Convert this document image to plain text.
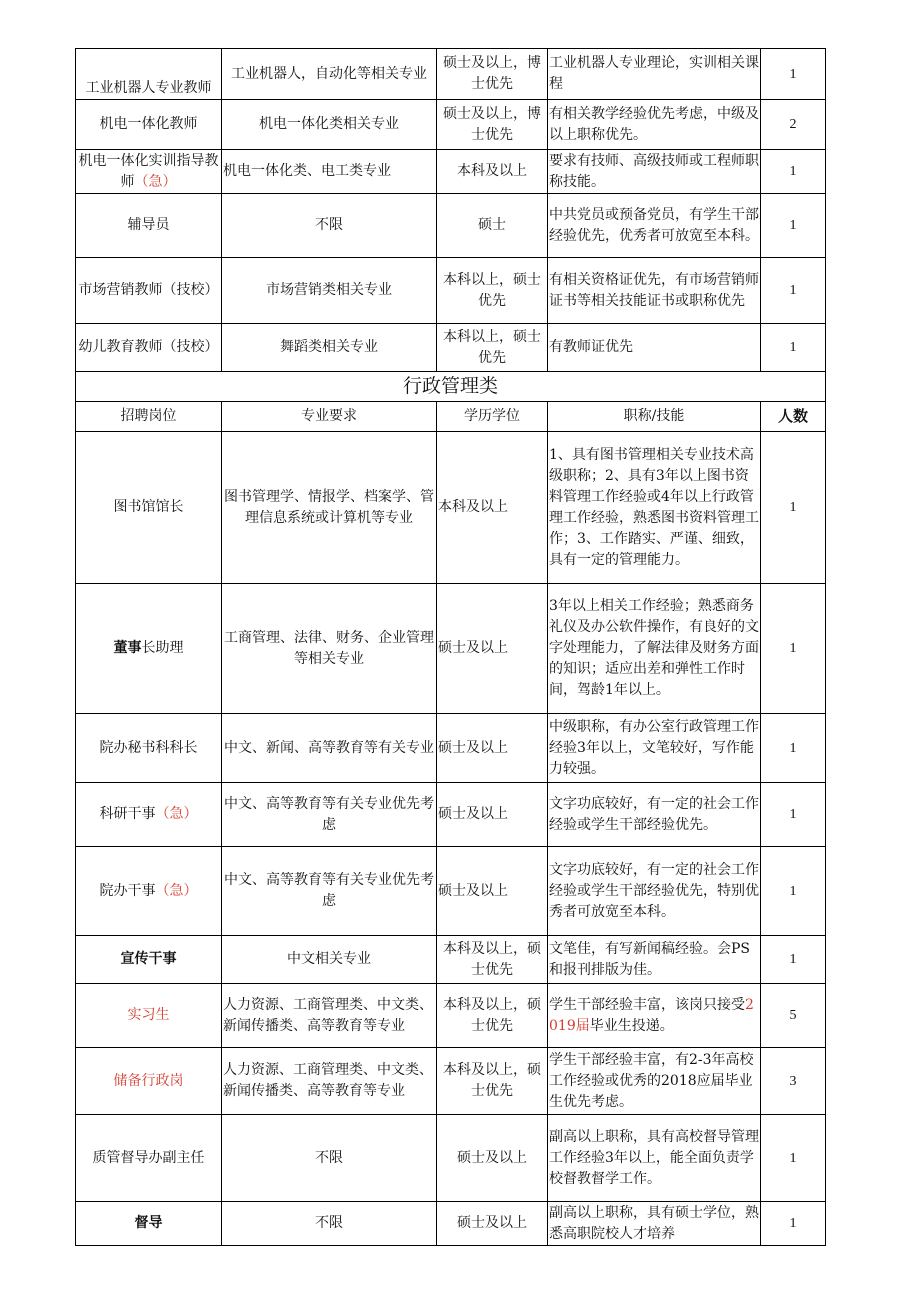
工业机器人专业教师	工业机器人，自动化等相关专业	硕士及以上，博士优先	工业机器人专业理论，实训相关课程	1
机电一体化教师	机电一体化类相关专业	硕士及以上，博士优先	有相关教学经验优先考虑，中级及以上职称优先。	2
机电一体化实训指导教师（急）	机电一体化类、电工类专业	本科及以上	要求有技师、高级技师或工程师职称技能。	1
辅导员	不限	硕士	中共党员或预备党员，有学生干部经验优先，优秀者可放宽至本科。	1
市场营销教师（技校）	市场营销类相关专业	本科以上，硕士优先	有相关资格证优先，有市场营销师证书等相关技能证书或职称优先	1
幼儿教育教师（技校）	舞蹈类相关专业	本科以上，硕士优先	有教师证优先	1
行政管理类				
招聘岗位	专业要求	学历学位	职称/技能	人数
图书馆馆长	图书管理学、情报学、档案学、管理信息系统或计算机等专业	本科及以上	1、具有图书管理相关专业技术高级职称；2、具有3年以上图书资料管理工作经验或4年以上行政管理工作经验，熟悉图书资料管理工作；3、工作踏实、严谨、细致，具有一定的管理能力。	1
董事长助理	工商管理、法律、财务、企业管理等相关专业	硕士及以上	3年以上相关工作经验；熟悉商务礼仪及办公软件操作，有良好的文字处理能力，了解法律及财务方面的知识；适应出差和弹性工作时间，驾龄1年以上。	1
院办秘书科科长	中文、新闻、高等教育等有关专业	硕士及以上	中级职称，有办公室行政管理工作经验3年以上，文笔较好，写作能力较强。	1
科研干事（急）	中文、高等教育等有关专业优先考虑	硕士及以上	文字功底较好，有一定的社会工作经验或学生干部经验优先。	1
院办干事（急）	中文、高等教育等有关专业优先考虑	硕士及以上	文字功底较好，有一定的社会工作经验或学生干部经验优先，特别优秀者可放宽至本科。	1
宣传干事	中文相关专业	本科及以上，硕士优先	文笔佳，有写新闻稿经验。会PS和报刊排版为佳。	1
实习生	人力资源、工商管理类、中文类、新闻传播类、高等教育等专业	本科及以上，硕士优先	学生干部经验丰富，该岗只接受2019届毕业生投递。	5
储备行政岗	人力资源、工商管理类、中文类、新闻传播类、高等教育等专业	本科及以上，硕士优先	学生干部经验丰富，有2-3年高校工作经验或优秀的2018应届毕业生优先考虑。	3
质管督导办副主任	不限	硕士及以上	副高以上职称，具有高校督导管理工作经验3年以上，能全面负责学校督教督学工作。	1
督导	不限	硕士及以上	副高以上职称，具有硕士学位，熟悉高职院校人才培养	1
